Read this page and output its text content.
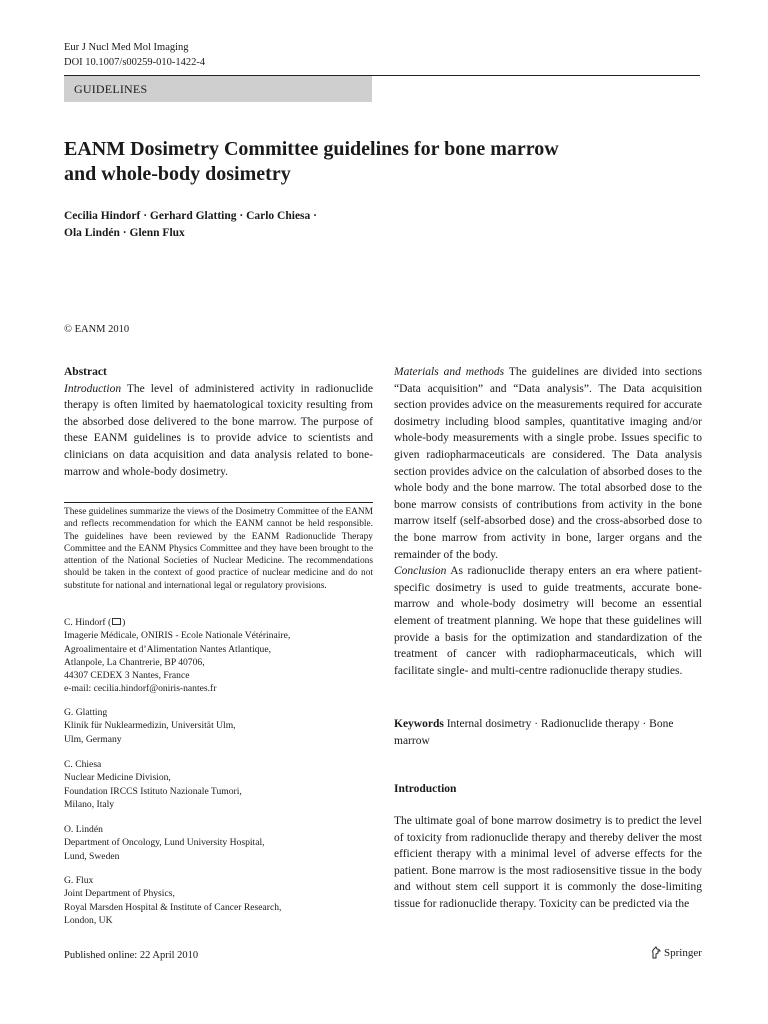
Eur J Nucl Med Mol Imaging
DOI 10.1007/s00259-010-1422-4
GUIDELINES
EANM Dosimetry Committee guidelines for bone marrow
and whole-body dosimetry
Cecilia Hindorf · Gerhard Glatting · Carlo Chiesa ·
Ola Lindén · Glenn Flux
© EANM 2010

Abstract

Introduction The level of administered activity in radionuclide therapy is often limited by haematological toxicity resulting from the absorbed dose delivered to the bone marrow. The purpose of these EANM guidelines is to provide advice to scientists and clinicians on data acquisition and data analysis related to bone-marrow and whole-body dosimetry.

These guidelines summarize the views of the Dosimetry Committee of the EANM and reflects recommendation for which the EANM cannot be held responsible. The guidelines have been reviewed by the EANM Radionuclide Therapy Committee and the EANM Physics Committee and they have been brought to the attention of the National Societies of Nuclear Medicine. The recommendations should be taken in the context of good practice of nuclear medicine and do not substitute for national and international legal or regulatory provisions.
C. Hindorf ( )
Imagerie Médicale, ONIRIS - Ecole Nationale Vétérinaire,
Agroalimentaire et d’Alimentation Nantes Atlantique,
Atlanpole, La Chantrerie, BP 40706,
44307 CEDEX 3 Nantes, France
e-mail: cecilia.hindorf@oniris-nantes.fr
G. Glatting
Klinik für Nuklearmedizin, Universität Ulm,
Ulm, Germany
C. Chiesa
Nuclear Medicine Division,
Foundation IRCCS Istituto Nazionale Tumori,
Milano, Italy
O. Lindén
Department of Oncology, Lund University Hospital,
Lund, Sweden
G. Flux
Joint Department of Physics,
Royal Marsden Hospital & Institute of Cancer Research,
London, UK

Materials and methods The guidelines are divided into sections “Data acquisition” and “Data analysis”. The Data acquisition section provides advice on the measurements required for accurate dosimetry including blood samples, quantitative imaging and/or whole-body measurements with a single probe. Issues specific to given radiopharmaceuticals are considered. The Data analysis section provides advice on the calculation of absorbed doses to the whole body and the bone marrow. The total absorbed dose to the bone marrow consists of contributions from activity in the bone marrow itself (self-absorbed dose) and the cross-absorbed dose to the bone marrow from activity in bone, larger organs and the remainder of the body.

Conclusion As radionuclide therapy enters an era where patient-specific dosimetry is used to guide treatments, accurate bone-marrow and whole-body dosimetry will become an essential element of treatment planning. We hope that these guidelines will provide a basis for the optimization and standardization of the treatment of cancer with radiopharmaceuticals, which will facilitate single- and multi-centre radionuclide therapy studies.

Keywords Internal dosimetry · Radionuclide therapy · Bone marrow
Introduction
The ultimate goal of bone marrow dosimetry is to predict the level of toxicity from radionuclide therapy and thereby deliver the most efficient therapy with a minimal level of adverse effects for the patient. Bone marrow is the most radiosensitive tissue in the body and without stem cell support it is commonly the dose-limiting tissue for radionuclide therapy. Toxicity can be predicted via the
Published online: 22 April 2010	Springer
